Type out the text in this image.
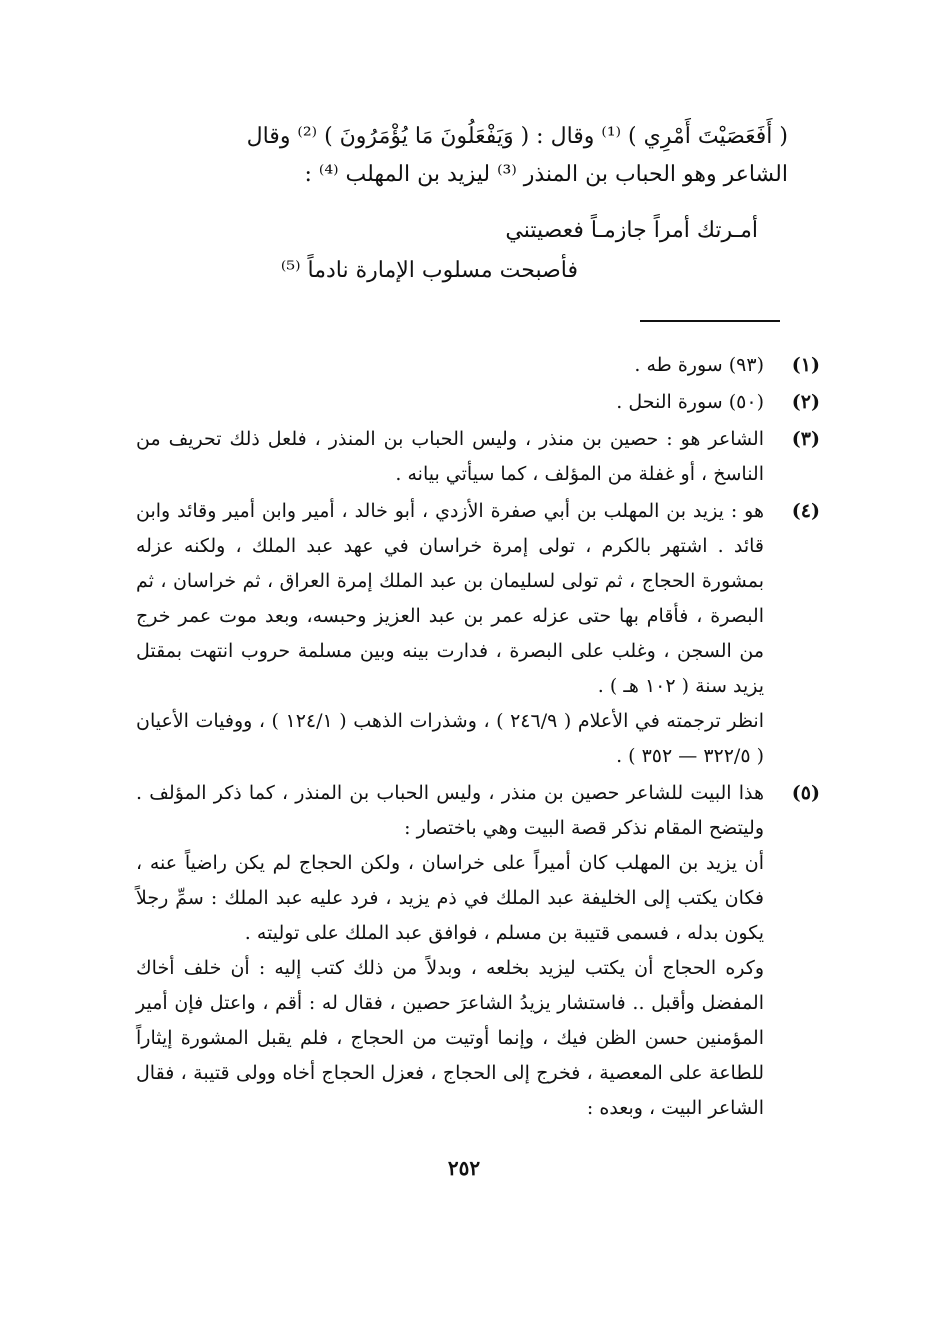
( أَفَعَصَيْتَ أَمْرِي ) ⁽¹⁾ وقال : ( وَيَفْعَلُونَ مَا يُؤْمَرُونَ ) ⁽²⁾ وقال

الشاعر وهو الحباب بن المنذر ⁽³⁾ ليزيد بن المهلب ⁽⁴⁾ :

أمـرتك أمراً جازمـاً فعصيتني
فأصبحت مسلوب الإمارة نادماً ⁽⁵⁾
(١)

(٩٣) سورة طه .

(٢)

(٥٠) سورة النحل .

(٣)

الشاعر هو : حصين بن منذر ، وليس الحباب بن المنذر ، فلعل ذلك تحريف من الناسخ ، أو غفلة من المؤلف ، كما سيأتي بيانه .

(٤)

هو : يزيد بن المهلب بن أبي صفرة الأزدي ، أبو خالد ، أمير وابن أمير وقائد وابن قائد . اشتهر بالكرم ، تولى إمرة خراسان في عهد عبد الملك ، ولكنه عزله بمشورة الحجاج ، ثم تولى لسليمان بن عبد الملك إمرة العراق ، ثم خراسان ، ثم البصرة ، فأقام بها حتى عزله عمر بن عبد العزيز وحبسه، وبعد موت عمر خرج من السجن ، وغلب على البصرة ، فدارت بينه وبين مسلمة حروب انتهت بمقتل يزيد سنة ( ١٠٢ هـ ) .

انظر ترجمته في الأعلام ( ٢٤٦/٩ ) ، وشذرات الذهب ( ١٢٤/١ ) ، ووفيات الأعيان ( ٣٢٢/٥ — ٣٥٢ ) .

(٥)

هذا البيت للشاعر حصين بن منذر ، وليس الحباب بن المنذر ، كما ذكر المؤلف . وليتضح المقام نذكر قصة البيت وهي باختصار :

أن يزيد بن المهلب كان أميراً على خراسان ، ولكن الحجاج لم يكن راضياً عنه ، فكان يكتب إلى الخليفة عبد الملك في ذم يزيد ، فرد عليه عبد الملك : سمِّ رجلاً يكون بدله ، فسمى قتيبة بن مسلم ، فوافق عبد الملك على توليته .

وكره الحجاج أن يكتب ليزيد بخلعه ، وبدلاً من ذلك كتب إليه : أن خلف أخاك المفضل وأقبل .. فاستشار يزيدُ الشاعرَ حصين ، فقال له : أقم ، واعتل فإن أمير المؤمنين حسن الظن فيك ، وإنما أوتيت من الحجاج ، فلم يقبل المشورة إيثاراً للطاعة على المعصية ، فخرج إلى الحجاج ، فعزل الحجاج أخاه وولى قتيبة ، فقال الشاعر البيت ، وبعده :

٢٥٢
